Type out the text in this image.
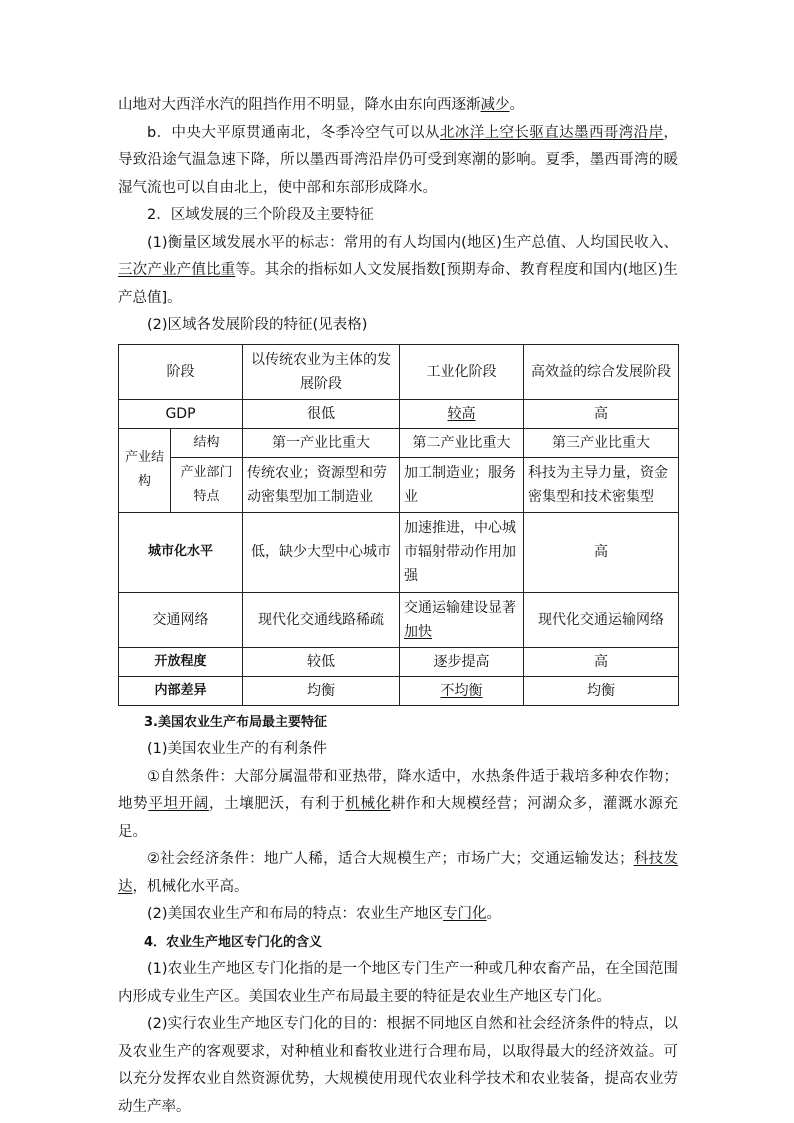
山地对大西洋水汽的阻挡作用不明显，降水由东向西逐渐减少。

b．中央大平原贯通南北，冬季冷空气可以从北冰洋上空长驱直达墨西哥湾沿岸，导致沿途气温急速下降，所以墨西哥湾沿岸仍可受到寒潮的影响。夏季，墨西哥湾的暖湿气流也可以自由北上，使中部和东部形成降水。

2．区域发展的三个阶段及主要特征

(1)衡量区域发展水平的标志：常用的有人均国内(地区)生产总值、人均国民收入、三次产业产值比重等。其余的指标如人文发展指数[预期寿命、教育程度和国内(地区)生产总值]。

(2)区域各发展阶段的特征(见表格)

阶段		以传统农业为主体的发展阶段	工业化阶段	高效益的综合发展阶段
GDP		很低	较高	高
产业结构	结构	第一产业比重大	第二产业比重大	第三产业比重大
	产业部门特点	传统农业；资源型和劳动密集型加工制造业	加工制造业；服务业	科技为主导力量，资金密集型和技术密集型
城市化水平		低，缺少大型中心城市	加速推进，中心城市辐射带动作用加强	高
交通网络		现代化交通线路稀疏	交通运输建设显著加快	现代化交通运输网络
开放程度		较低	逐步提高	高
内部差异		均衡	不均衡	均衡

3.美国农业生产布局最主要特征

(1)美国农业生产的有利条件

①自然条件：大部分属温带和亚热带，降水适中，水热条件适于栽培多种农作物；地势平坦开阔，土壤肥沃，有利于机械化耕作和大规模经营；河湖众多，灌溉水源充足。

②社会经济条件：地广人稀，适合大规模生产；市场广大；交通运输发达；科技发达，机械化水平高。

(2)美国农业生产和布局的特点：农业生产地区专门化。

4．农业生产地区专门化的含义

(1)农业生产地区专门化指的是一个地区专门生产一种或几种农畜产品，在全国范围内形成专业生产区。美国农业生产布局最主要的特征是农业生产地区专门化。

(2)实行农业生产地区专门化的目的：根据不同地区自然和社会经济条件的特点，以及农业生产的客观要求，对种植业和畜牧业进行合理布局，以取得最大的经济效益。可以充分发挥农业自然资源优势，大规模使用现代农业科学技术和农业装备，提高农业劳动生产率。
